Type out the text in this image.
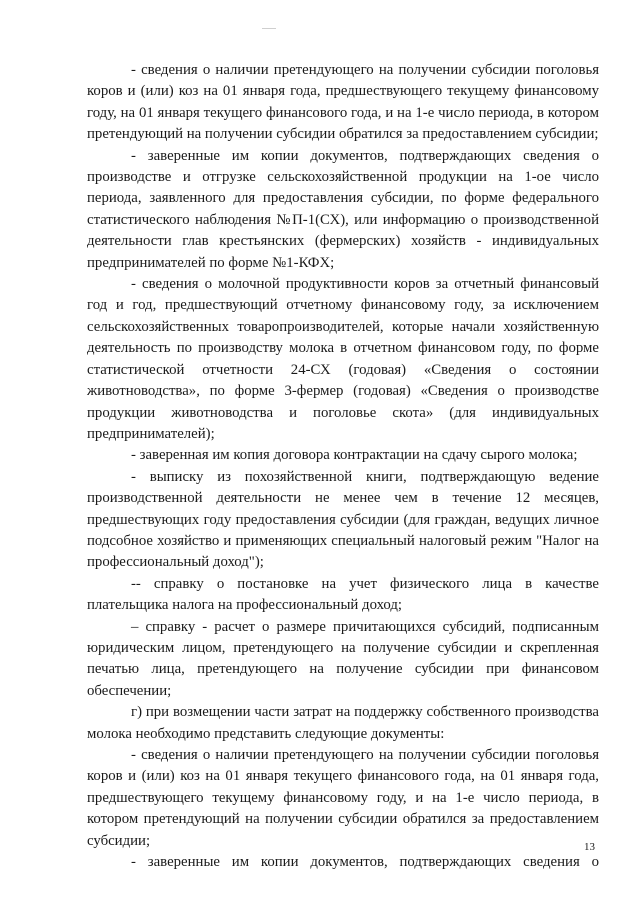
- сведения о наличии претендующего на получении субсидии поголовья коров и (или) коз на 01 января года, предшествующего текущему финансовому году, на 01 января текущего финансового года, и на 1-е число периода, в котором претендующий на получении субсидии обратился за предоставлением субсидии;

- заверенные им копии документов, подтверждающих сведения о производстве и отгрузке сельскохозяйственной продукции на 1-ое число периода, заявленного для предоставления субсидии, по форме федерального статистического наблюдения №П-1(СХ), или информацию о производственной деятельности глав крестьянских (фермерских) хозяйств - индивидуальных предпринимателей по форме №1-КФХ;

- сведения о молочной продуктивности коров за отчетный финансовый год и год, предшествующий отчетному финансовому году, за исключением сельскохозяйственных товаропроизводителей, которые начали хозяйственную деятельность по производству молока в отчетном финансовом году, по форме статистической отчетности 24-СХ (годовая) «Сведения о состоянии животноводства», по форме 3-фермер (годовая) «Сведения о производстве продукции животноводства и поголовье скота» (для индивидуальных предпринимателей);

- заверенная им копия договора контрактации на сдачу сырого молока;

- выписку из похозяйственной книги, подтверждающую ведение производственной деятельности не менее чем в течение 12 месяцев, предшествующих году предоставления субсидии (для граждан, ведущих личное подсобное хозяйство и применяющих специальный налоговый режим "Налог на профессиональный доход");

-- справку о постановке на учет физического лица в качестве плательщика налога на профессиональный доход;

– справку - расчет о размере причитающихся субсидий, подписанным юридическим лицом, претендующего на получение субсидии и скрепленная печатью лица, претендующего на получение субсидии при финансовом обеспечении;

г) при возмещении части затрат на поддержку собственного производства молока необходимо представить следующие документы:

- сведения о наличии претендующего на получении субсидии поголовья коров и (или) коз на 01 января текущего финансового года, на 01 января года, предшествующего текущему финансовому году, и на 1-е число периода, в котором претендующий на получении субсидии обратился за предоставлением субсидии;

- заверенные им копии документов, подтверждающих сведения о

13
